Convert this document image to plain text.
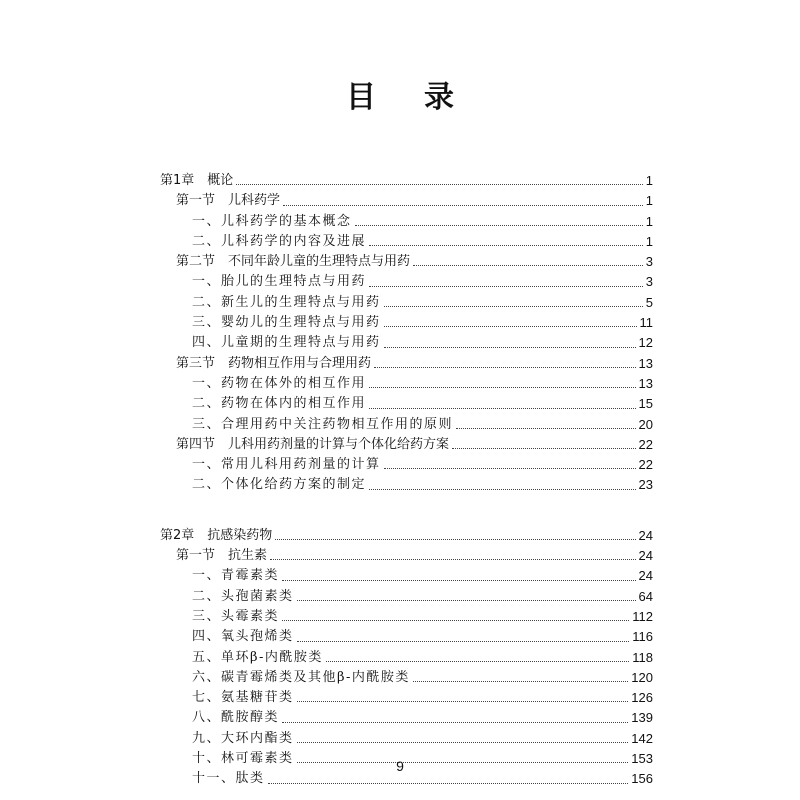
目录
第1章　概论	1
第一节　儿科药学	1
一、儿科药学的基本概念	1
二、儿科药学的内容及进展	1
第二节　不同年龄儿童的生理特点与用药	3
一、胎儿的生理特点与用药	3
二、新生儿的生理特点与用药	5
三、婴幼儿的生理特点与用药	11
四、儿童期的生理特点与用药	12
第三节　药物相互作用与合理用药	13
一、药物在体外的相互作用	13
二、药物在体内的相互作用	15
三、合理用药中关注药物相互作用的原则	20
第四节　儿科用药剂量的计算与个体化给药方案	22
一、常用儿科用药剂量的计算	22
二、个体化给药方案的制定	23
第2章　抗感染药物	24
第一节　抗生素	24
一、青霉素类	24
二、头孢菌素类	64
三、头霉素类	112
四、氧头孢烯类	116
五、单环β-内酰胺类	118
六、碳青霉烯类及其他β-内酰胺类	120
七、氨基糖苷类	126
八、酰胺醇类	139
九、大环内酯类	142
十、林可霉素类	153
十一、肽类	156
9
